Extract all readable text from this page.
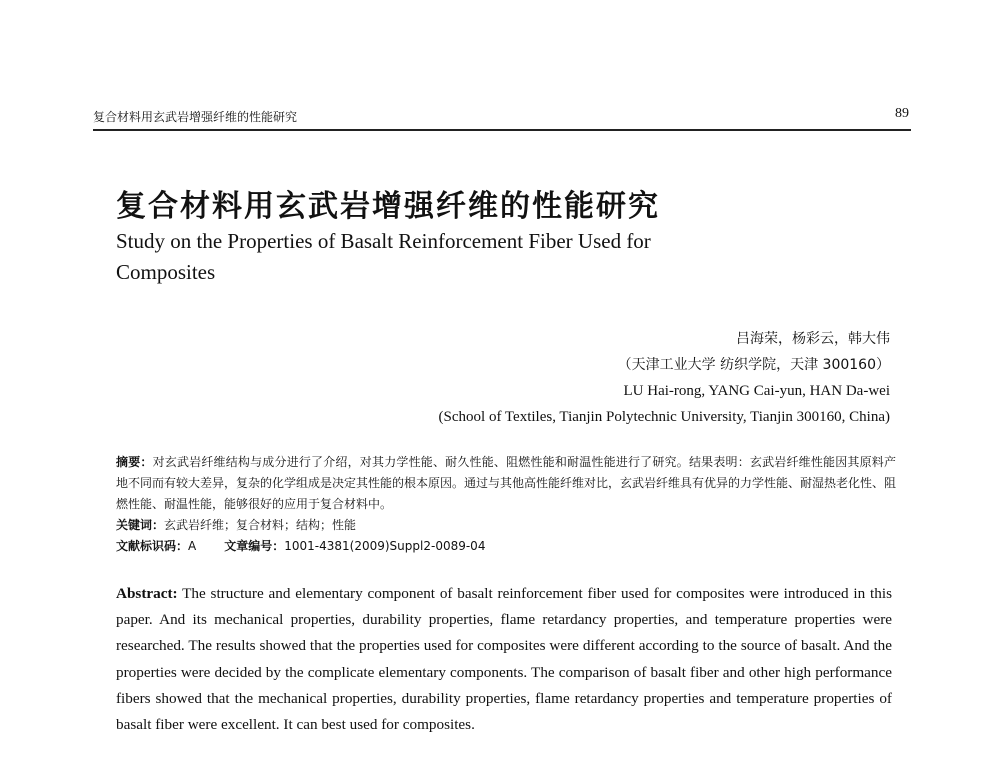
复合材料用玄武岩增强纤维的性能研究	89
复合材料用玄武岩增强纤维的性能研究
Study on the Properties of Basalt Reinforcement Fiber Used for Composites
吕海荣，杨彩云，韩大伟
（天津工业大学 纺织学院，天津 300160）
LU Hai-rong, YANG Cai-yun, HAN Da-wei
(School of Textiles, Tianjin Polytechnic University, Tianjin 300160, China)
摘要：对玄武岩纤维结构与成分进行了介绍，对其力学性能、耐久性能、阻燃性能和耐温性能进行了研究。结果表明：玄武岩纤维性能因其原料产地不同而有较大差异，复杂的化学组成是决定其性能的根本原因。通过与其他高性能纤维对比，玄武岩纤维具有优异的力学性能、耐湿热老化性、阻燃性能、耐温性能，能够很好的应用于复合材料中。
关键词：玄武岩纤维；复合材料；结构；性能
文献标识码：A 文章编号：1001-4381(2009)Suppl2-0089-04
Abstract: The structure and elementary component of basalt reinforcement fiber used for composites were introduced in this paper. And its mechanical properties, durability properties, flame retardancy properties, and temperature properties were researched. The results showed that the properties used for composites were different according to the source of basalt. And the properties were decided by the complicate elementary components. The comparison of basalt fiber and other high performance fibers showed that the mechanical properties, durability properties, flame retardancy properties and temperature properties of basalt fiber were excellent. It can best used for composites.
